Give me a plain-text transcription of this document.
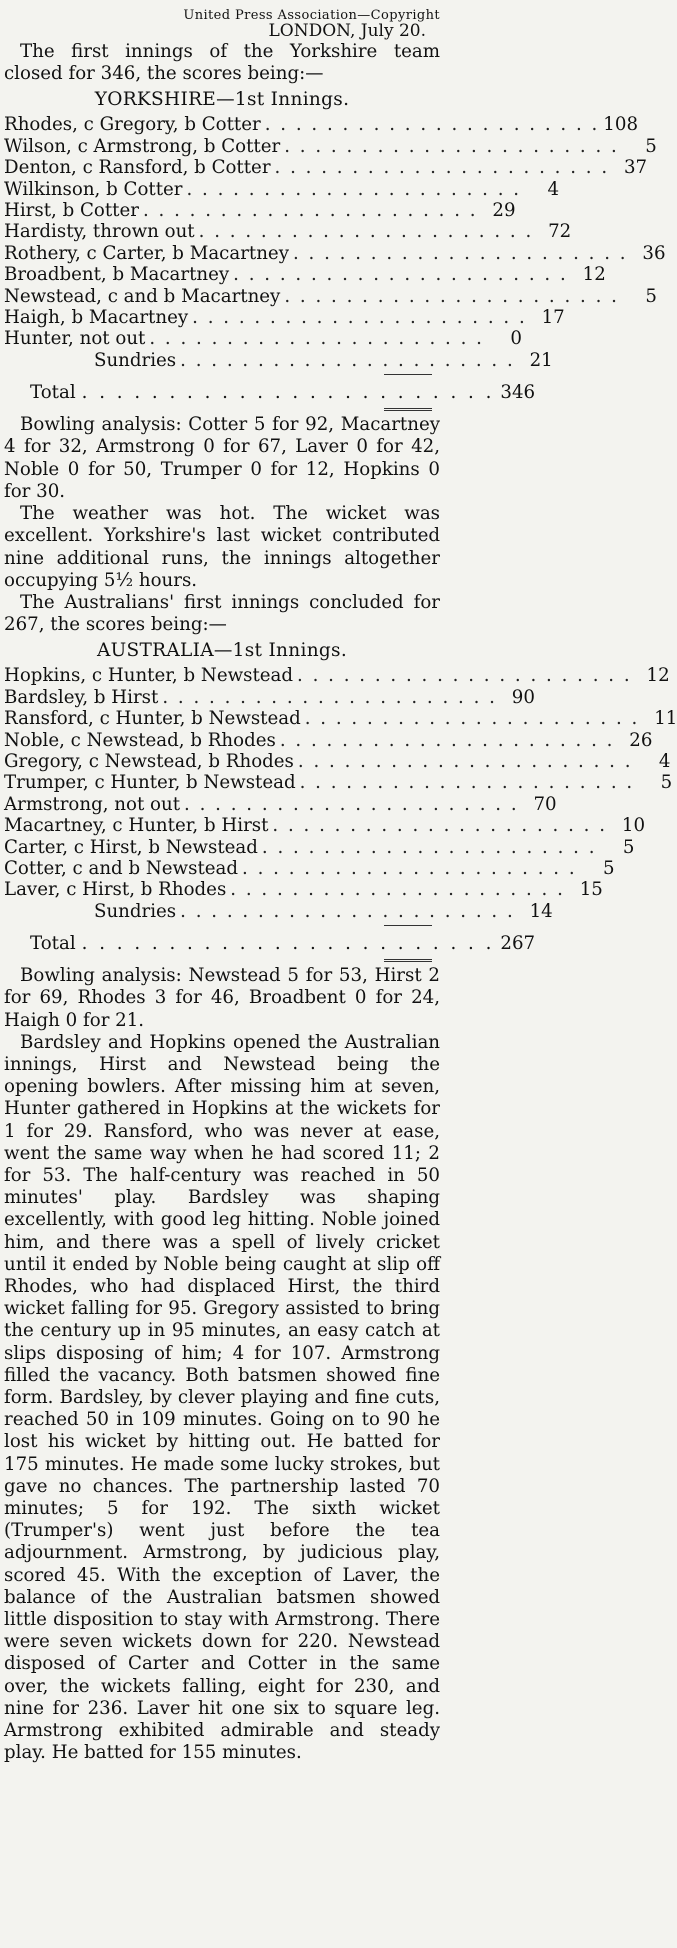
United Press Association—Copyright
LONDON, July 20.

The first innings of the Yorkshire team closed for 346, the scores being:—

YORKSHIRE—1st Innings.
Rhodes, c Gregory, b Cotter . . . . . . . . . . . . . . . . . . . . . . 108
Wilson, c Armstrong, b Cotter . . . . . . . . . . . . . . . . . . . . . .	5
Denton, c Ransford, b Cotter . . . . . . . . . . . . . . . . . . . . . . 37
Wilkinson, b Cotter . . . . . . . . . . . . . . . . . . . . . .	4
Hirst, b Cotter . . . . . . . . . . . . . . . . . . . . . . 29
Hardisty, thrown out . . . . . . . . . . . . . . . . . . . . . . 72
Rothery, c Carter, b Macartney . . . . . . . . . . . . . . . . . . . . . . 36
Broadbent, b Macartney . . . . . . . . . . . . . . . . . . . . . . 12
Newstead, c and b Macartney . . . . . . . . . . . . . . . . . . . . . .	5
Haigh, b Macartney . . . . . . . . . . . . . . . . . . . . . . 17
Hunter, not out . . . . . . . . . . . . . . . . . . . . . .	0
Sundries . . . . . . . . . . . . . . . . . . . . . . 21
Total . . . . . . . . . . . . . . . . . . . . . . . . 346

Bowling analysis: Cotter 5 for 92, Macartney 4 for 32, Armstrong 0 for 67, Laver 0 for 42, Noble 0 for 50, Trumper 0 for 12, Hopkins 0 for 30.

The weather was hot. The wicket was excellent. Yorkshire's last wicket contributed nine additional runs, the innings altogether occupying 5½ hours.

The Australians' first innings concluded for 267, the scores being:—

AUSTRALIA—1st Innings.
Hopkins, c Hunter, b Newstead . . . . . . . . . . . . . . . . . . . . . . 12
Bardsley, b Hirst . . . . . . . . . . . . . . . . . . . . . . 90
Ransford, c Hunter, b Newstead . . . . . . . . . . . . . . . . . . . . . . 11
Noble, c Newstead, b Rhodes . . . . . . . . . . . . . . . . . . . . . . 26
Gregory, c Newstead, b Rhodes . . . . . . . . . . . . . . . . . . . . . .	4
Trumper, c Hunter, b Newstead . . . . . . . . . . . . . . . . . . . . . .	5
Armstrong, not out . . . . . . . . . . . . . . . . . . . . . . 70
Macartney, c Hunter, b Hirst . . . . . . . . . . . . . . . . . . . . . . 10
Carter, c Hirst, b Newstead . . . . . . . . . . . . . . . . . . . . . .	5
Cotter, c and b Newstead . . . . . . . . . . . . . . . . . . . . . .	5
Laver, c Hirst, b Rhodes . . . . . . . . . . . . . . . . . . . . . . 15
Sundries . . . . . . . . . . . . . . . . . . . . . . 14
Total . . . . . . . . . . . . . . . . . . . . . . . . 267

Bowling analysis: Newstead 5 for 53, Hirst 2 for 69, Rhodes 3 for 46, Broadbent 0 for 24, Haigh 0 for 21.

Bardsley and Hopkins opened the Australian innings, Hirst and Newstead being the opening bowlers. After missing him at seven, Hunter gathered in Hopkins at the wickets for 1 for 29. Ransford, who was never at ease, went the same way when he had scored 11; 2 for 53. The half-century was reached in 50 minutes' play. Bardsley was shaping excellently, with good leg hitting. Noble joined him, and there was a spell of lively cricket until it ended by Noble being caught at slip off Rhodes, who had displaced Hirst, the third wicket falling for 95. Gregory assisted to bring the century up in 95 minutes, an easy catch at slips disposing of him; 4 for 107. Armstrong filled the vacancy. Both batsmen showed fine form. Bardsley, by clever playing and fine cuts, reached 50 in 109 minutes. Going on to 90 he lost his wicket by hitting out. He batted for 175 minutes. He made some lucky strokes, but gave no chances. The partnership lasted 70 minutes; 5 for 192. The sixth wicket (Trumper's) went just before the tea adjournment. Armstrong, by judicious play, scored 45. With the exception of Laver, the balance of the Australian batsmen showed little disposition to stay with Armstrong. There were seven wickets down for 220. Newstead disposed of Carter and Cotter in the same over, the wickets falling, eight for 230, and nine for 236. Laver hit one six to square leg. Armstrong exhibited admirable and steady play. He batted for 155 minutes.
